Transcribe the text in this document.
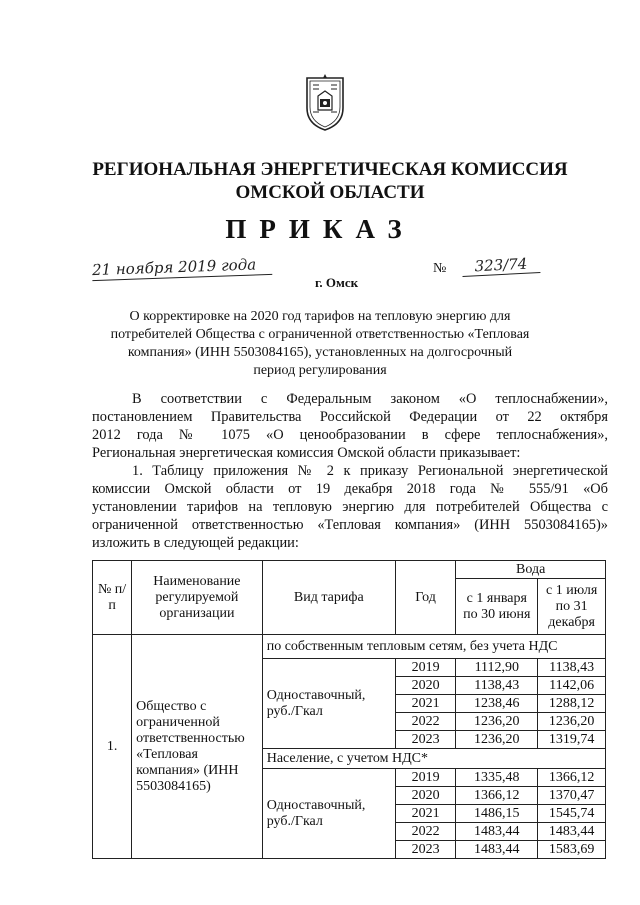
РЕГИОНАЛЬНАЯ ЭНЕРГЕТИЧЕСКАЯ КОМИССИЯ
ОМСКОЙ ОБЛАСТИ
ПРИКАЗ
21 ноября 2019 года	№	323/74
г. Омск
О корректировке на 2020 год тарифов на тепловую энергию для
потребителей Общества с ограниченной ответственностью «Тепловая
компания» (ИНН 5503084165), установленных на долгосрочный
период регулирования
В соответствии с Федеральным законом «О теплоснабжении»,
постановлением Правительства Российской Федерации от 22 октября
2012 года № 1075 «О ценообразовании в сфере теплоснабжения»,
Региональная энергетическая комиссия Омской области приказывает:
1. Таблицу приложения № 2 к приказу Региональной энергетической
комиссии Омской области от 19 декабря 2018 года № 555/91 «Об
установлении тарифов на тепловую энергию для потребителей Общества с
ограниченной ответственностью «Тепловая компания» (ИНН 5503084165)»
изложить в следующей редакции:
№ п/п	Наименование регулируемой организации	Вид тарифа	Год	Вода	
				с 1 января по 30 июня	с 1 июля по 31 декабря
1.	Общество с ограниченной ответственностью «Тепловая компания» (ИНН 5503084165)	по собственным тепловым сетям, без учета НДС			
		Одноставочный, руб./Гкал	2019	1112,90	1138,43
			2020	1138,43	1142,06
			2021	1238,46	1288,12
			2022	1236,20	1236,20
			2023	1236,20	1319,74
		Население, с учетом НДС*			
		Одноставочный, руб./Гкал	2019	1335,48	1366,12
			2020	1366,12	1370,47
			2021	1486,15	1545,74
			2022	1483,44	1483,44
			2023	1483,44	1583,69
